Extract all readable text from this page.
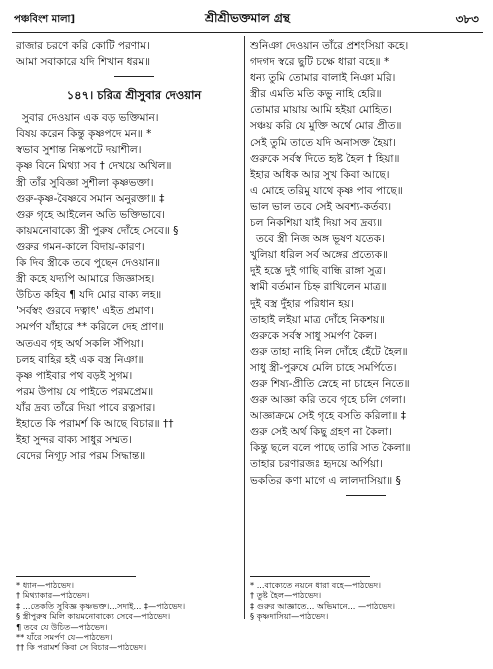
পঞ্চবিংশ মালা]	শ্রীশ্রীভক্তমাল গ্রন্থ	৩৮৩
রাজার চরণে করি কোটি পরণাম।
আমা সবাকারে যদি শিখান ধরম॥
১৪৭। চরিত্র শ্রীসুবার দেওয়ান
সুবার দেওয়ান এক বড় ভক্তিমান।
বিষয় করেন কিন্তু কৃষ্ণপদে মন॥ *
স্বভাব সুশান্ত নিষ্কপটে দয়াশীল।
কৃষ্ণ বিনে মিথ্যা সব † দেখয়ে অখিল॥
স্ত্রী তাঁর সুবিজ্ঞা সুশীলা কৃষ্ণভক্তা।
গুরু-কৃষ্ণ-বৈষ্ণবে সমান অনুরক্তা॥ ‡
গুরু গৃহে আইলেন অতি ভক্তিভাবে।
কায়মনোবাক্যে স্ত্রী পুরুষ দোঁহে সেবে॥ §
গুরুর গমন-কালে বিদায়-কারণ।
কি দিব স্ত্রীকে তবে পুছেন দেওয়ান॥
স্ত্রী কহে যদ্যপি আমারে জিজ্ঞাসহ।
উচিত কহিব ¶ যদি মোর বাক্য লহ॥
'সর্বস্বং গুরবে দত্বাৎ' এইত প্রমাণ।
সমর্পণ যাঁহারে ** করিলে দেহ প্রাণ॥
অতএব গৃহ অর্থ সকলি সঁপিয়া।
চলহ বাহির হই এক বস্ত্র নিঞা॥
কৃষ্ণ পাইবার পথ বড়ই সুগম।
পরম উপায় যে পাইতে পরমপ্রেম॥
যাঁর দ্রব্য তাঁরে দিয়া পাবে রত্নসার।
ইহাতে কি পরামর্শ কি আছে বিচার॥ ††
ইহা সুন্দর বাক্য সাধুর সম্মত।
বেদের নিগূঢ় সার পরম সিদ্ধান্ত॥
শুনিঞা দেওয়ান তাঁরে প্রশংসিয়া কহে।
গদগদ স্বরে ছুটি চক্ষে ধারা বহে॥ *
ধন্য তুমি তোমার বালাই নিঞা মরি।
স্ত্রীর এমতি মতি কভু নাহি হেরি॥
তোমার মায়ায় আমি হইয়া মোহিত।
সঞ্চয় করি যে মুক্তি অর্থে মোর প্রীত॥
সেই তুমি তাতে যদি অনাসক্ত হৈয়া।
গুরুকে সর্বস্ব দিতে হৃষ্ট হৈল † হিয়া॥
ইহার অধিক আর সুখ কিবা আছে।
এ মোহে তরিমু যাথে কৃষ্ণ পাব পাছে॥
ভাল ভাল তবে সেই অবশ্য-কর্তব্য।
চল নিকশিয়া যাই দিয়া সব দ্রব্য॥
তবে স্ত্রী নিজ অঙ্গ ভূষণ যতেক।
খুলিয়া ধরিল সর্ব অঙ্গের প্রত্যেক॥
দুই হস্তে দুই গাছি বান্ধি রাঙ্গা সুত্র।
স্বামী বর্তমান চিহ্ন রাখিলেন মাত্র॥
দুই বস্ত্র দুঁহার পরিধান হয়।
তাহাই লইয়া মাত্র দোঁহে নিকশয়॥
গুরুকে সর্বস্ব সাধু সমর্পণ কৈল।
গুরু তাহা নাহি নিল দোঁহে হেঁটে হৈল॥
সাধু স্ত্রী-পুরুষে মেলি চাহে সমর্পিতে।
গুরু শিষ্য-প্রীতি স্নেহে না চাহেন নিতে॥
গুরু আজ্ঞা করি তবে গৃহে চলি গেলা।
আজ্ঞাক্রমে সেই গৃহে বসতি করিলা॥ ‡
গুরু সেই অর্থ কিছু গ্রহণ না কৈলা।
কিন্তু ছলে বলে পাছে তারি সাত কৈলা॥
তাহার চরণারজঃ হৃদয়ে অর্পিয়া।
ভকতির কণা মাগে এ লালদাসিয়া॥ §
* ধ্যান—পাঠভেদ।
† মিথ্যাকার—পাঠভেদ।
‡ ...তেকতি সুবিজ্ঞ কৃষ্ণভক্ত।...সদাই... ‡—পাঠভেদ।
§ স্ত্রীপুরুষ মিলি কায়মনোবাক্যে সেবে—পাঠভেদ।
¶ তবে যে উচিত—পাঠভেদ।
** যাঁরে সমর্পণ যে—পাঠভেদ।
†† কি পরামর্শ কিবা সে বিচার—পাঠভেদ।
* ...বাক্যেতে নয়নে ধারা বহে—পাঠভেদ।
† তুষ্ট হৈল—পাঠভেদ।
‡ গুরুর আজ্ঞাতে... অভিমানে... —পাঠভেদ।
§ কৃষ্ণদাসিয়া—পাঠভেদ।
